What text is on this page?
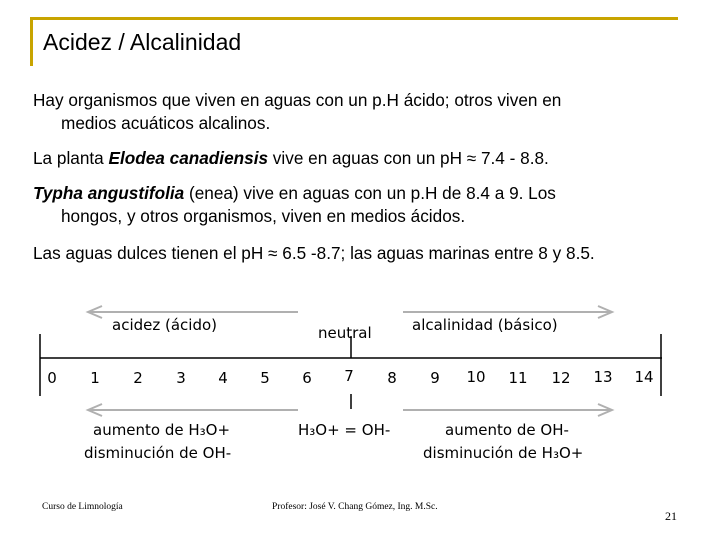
Acidez / Alcalinidad
Hay organismos que viven en aguas con un p.H ácido; otros viven en
medios acuáticos alcalinos.
La planta Elodea canadiensis vive en aguas con un pH ≈ 7.4 - 8.8.
Typha angustifolia (enea) vive en aguas con un p.H de 8.4 a 9. Los
hongos, y otros organismos, viven en medios ácidos.
Las aguas dulces tienen el pH ≈ 6.5 -8.7; las aguas marinas entre 8 y 8.5.
acidez (ácido)	alcalinidad (básico)
neutral
0 1 2 3 4 5 6 7 8 9 10 11 12 13 14
aumento de H₃O+
disminución de OH-
H₃O+ = OH-	aumento de OH-
disminución de H₃O+
Curso de Limnología	Profesor: José V. Chang Gómez, Ing. M.Sc.
21
